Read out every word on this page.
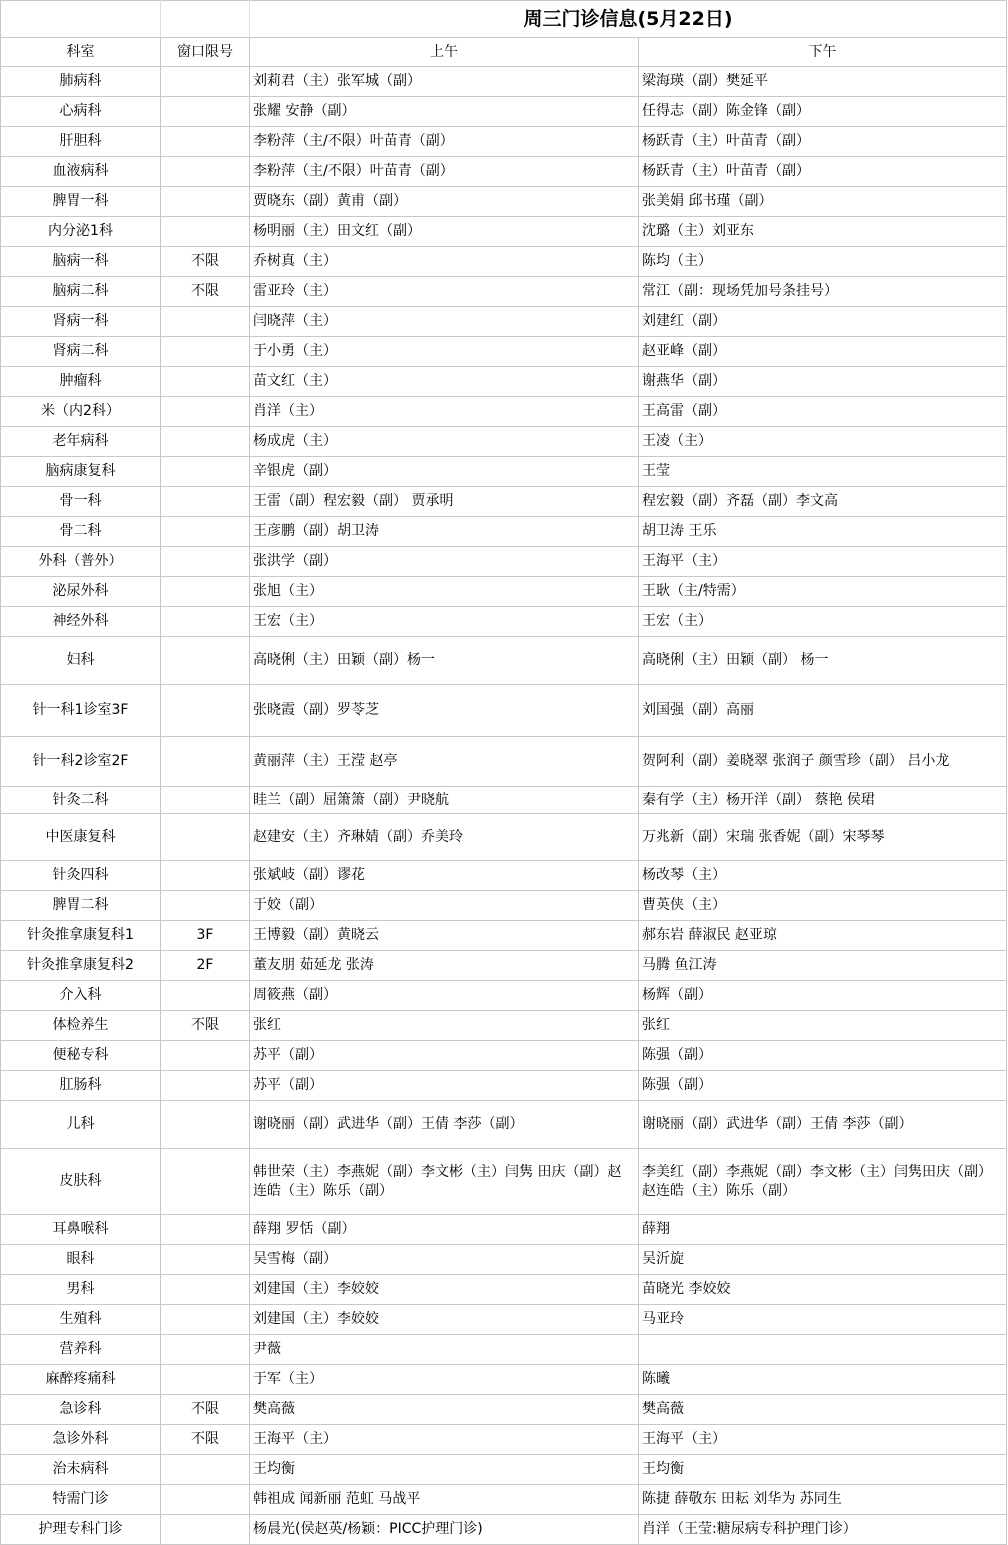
		周三门诊信息(5月22日)	
科室	窗口限号	上午	下午
肺病科		刘莉君（主）张军城（副）	梁海瑛（副）樊延平
心病科		张耀 安静（副）	任得志（副）陈金锋（副）
肝胆科		李粉萍（主/不限）叶苗青（副）	杨跃青（主）叶苗青（副）
血液病科		李粉萍（主/不限）叶苗青（副）	杨跃青（主）叶苗青（副）
脾胃一科		贾晓东（副）黄甫（副）	张美娟 邱书瑾（副）
内分泌1科		杨明丽（主）田文红（副）	沈璐（主）刘亚东
脑病一科	不限	乔树真（主）	陈均（主）
脑病二科	不限	雷亚玲（主）	常江（副：现场凭加号条挂号）
肾病一科		闫晓萍（主）	刘建红（副）
肾病二科		于小勇（主）	赵亚峰（副）
肿瘤科		苗文红（主）	谢燕华（副）
米（内2科）		肖洋（主）	王高雷（副）
老年病科		杨成虎（主）	王凌（主）
脑病康复科		辛银虎（副）	王莹
骨一科		王雷（副）程宏毅（副） 贾承明	程宏毅（副）齐磊（副）李文高
骨二科		王彦鹏（副）胡卫涛	胡卫涛 王乐
外科（普外）		张洪学（副）	王海平（主）
泌尿外科		张旭（主）	王耿（主/特需）
神经外科		王宏（主）	王宏（主）
妇科		高晓俐（主）田颖（副）杨一	高晓俐（主）田颖（副） 杨一
针一科1诊室3F		张晓霞（副）罗苓芝	刘国强（副）高丽
针一科2诊室2F		黄丽萍（主）王滢 赵亭	贺阿利（副）姜晓翠 张润子 颜雪珍（副） 吕小龙
针灸二科		眭兰（副）屈箫箫（副）尹晓航	秦有学（主）杨开洋（副） 蔡艳 侯珺
中医康复科		赵建安（主）齐琳婧（副）乔美玲	万兆新（副）宋瑞 张香妮（副）宋琴琴
针灸四科		张斌岐（副）谬花	杨改琴（主）
脾胃二科		于姣（副）	曹英侠（主）
针灸推拿康复科1	3F	王博毅（副）黄晓云	郝东岩 薛淑民 赵亚琼
针灸推拿康复科2	2F	董友朋 茹延龙 张涛	马腾 鱼江涛
介入科		周筱燕（副）	杨辉（副）
体检养生	不限	张红	张红
便秘专科		苏平（副）	陈强（副）
肛肠科		苏平（副）	陈强（副）
儿科		谢晓丽（副）武进华（副）王倩 李莎（副）	谢晓丽（副）武进华（副）王倩 李莎（副）
皮肤科		韩世荣（主）李燕妮（副）李文彬（主）闫隽 田庆（副）赵连皓（主）陈乐（副）	李美红（副）李燕妮（副）李文彬（主）闫隽田庆（副）赵连皓（主）陈乐（副）
耳鼻喉科		薛翔 罗恬（副）	薛翔
眼科		吴雪梅（副）	吴沂旋
男科		刘建国（主）李姣姣	苗晓光 李姣姣
生殖科		刘建国（主）李姣姣	马亚玲
营养科		尹薇	
麻醉疼痛科		于军（主）	陈曦
急诊科	不限	樊高薇	樊高薇
急诊外科	不限	王海平（主）	王海平（主）
治未病科		王均衡	王均衡
特需门诊		韩祖成 闻新丽 范虹 马战平	陈捷 薛敬东 田耘 刘华为 苏同生
护理专科门诊		杨晨光(侯赵英/杨颖：PICC护理门诊)	肖洋（王莹:糖尿病专科护理门诊）
